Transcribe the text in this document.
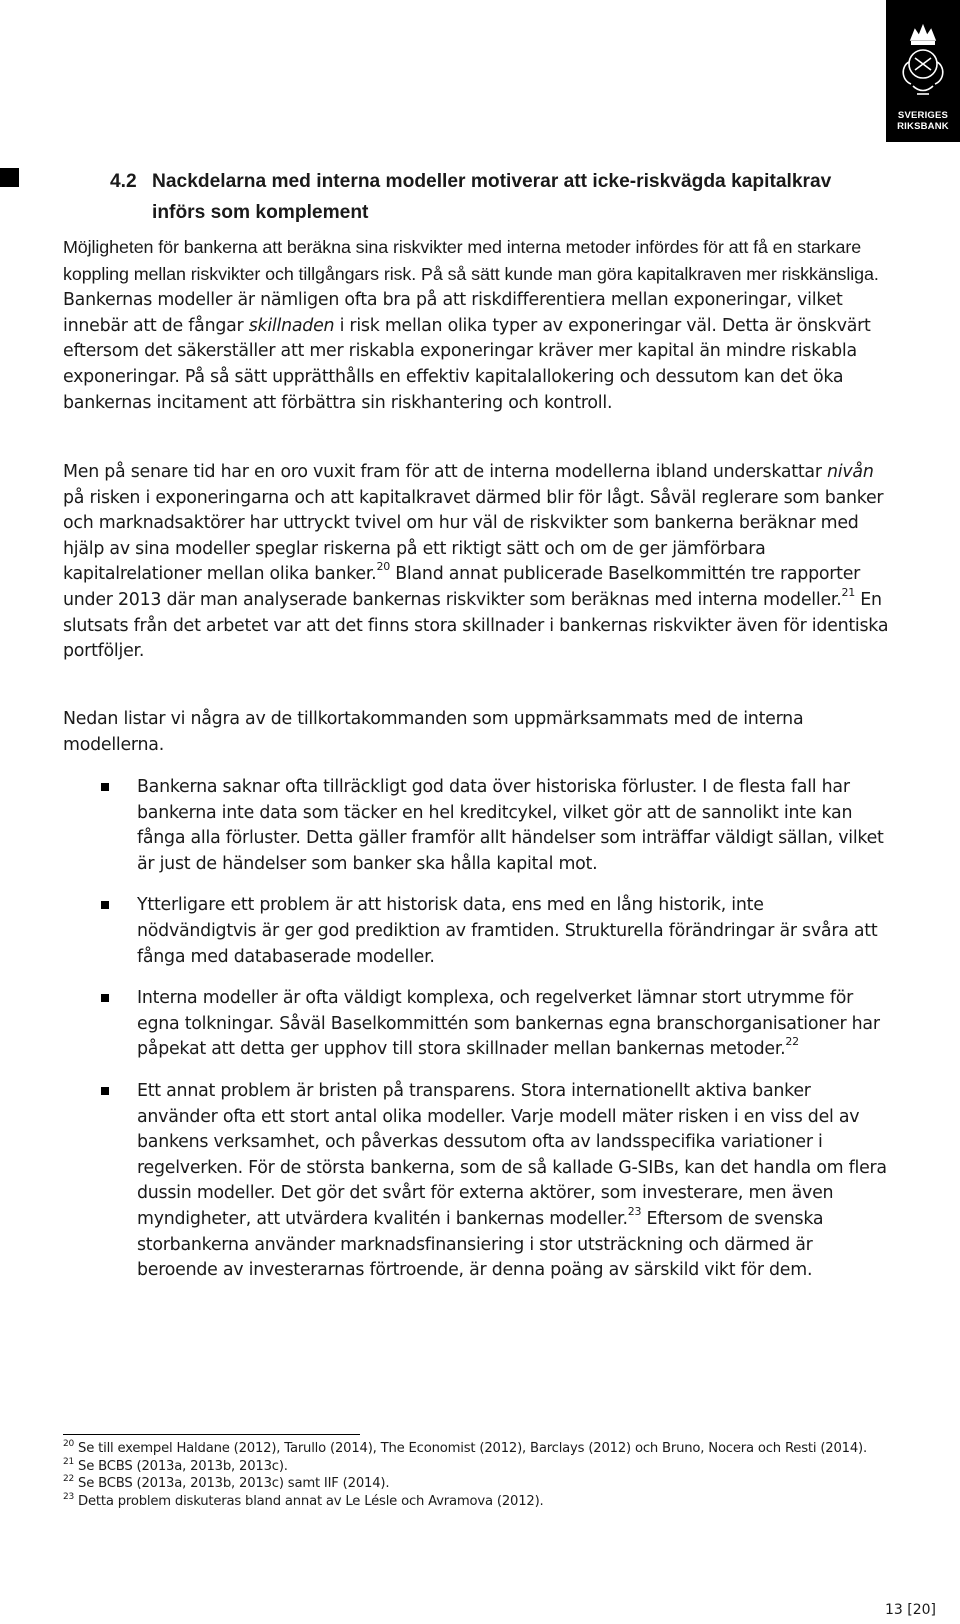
SVERIGES
RIKSBANK
4.2 Nackdelarna med interna modeller motiverar att icke-riskvägda kapitalkrav införs som komplement

Möjligheten för bankerna att beräkna sina riskvikter med interna metoder infördes för att få en starkare koppling mellan riskvikter och tillgångars risk. På så sätt kunde man göra kapitalkraven mer riskkänsliga. Bankernas modeller är nämligen ofta bra på att riskdifferentiera mellan exponeringar, vilket innebär att de fångar skillnaden i risk mellan olika typer av exponeringar väl. Detta är önskvärt eftersom det säkerställer att mer riskabla exponeringar kräver mer kapital än mindre riskabla exponeringar. På så sätt upprätthålls en effektiv kapitalallokering och dessutom kan det öka bankernas incitament att förbättra sin riskhantering och kontroll.

Men på senare tid har en oro vuxit fram för att de interna modellerna ibland underskattar nivån på risken i exponeringarna och att kapitalkravet därmed blir för lågt. Såväl reglerare som banker och marknadsaktörer har uttryckt tvivel om hur väl de riskvikter som bankerna beräknar med hjälp av sina modeller speglar riskerna på ett riktigt sätt och om de ger jämförbara kapitalrelationer mellan olika banker.$^{20}$ Bland annat publicerade Baselkommittén tre rapporter under 2013 där man analyserade bankernas riskvikter som beräknas med interna modeller.$^{21}$ En slutsats från det arbetet var att det finns stora skillnader i bankernas riskvikter även för identiska portföljer.

Nedan listar vi några av de tillkortakommanden som uppmärksammats med de interna modellerna.

Bankerna saknar ofta tillräckligt god data över historiska förluster. I de flesta fall har bankerna inte data som täcker en hel kreditcykel, vilket gör att de sannolikt inte kan fånga alla förluster. Detta gäller framför allt händelser som inträffar väldigt sällan, vilket är just de händelser som banker ska hålla kapital mot.
Ytterligare ett problem är att historisk data, ens med en lång historik, inte nödvändigtvis är ger god prediktion av framtiden. Strukturella förändringar är svåra att fånga med databaserade modeller.
Interna modeller är ofta väldigt komplexa, och regelverket lämnar stort utrymme för egna tolkningar. Såväl Baselkommittén som bankernas egna branschorganisationer har påpekat att detta ger upphov till stora skillnader mellan bankernas metoder.$^{22}$
Ett annat problem är bristen på transparens. Stora internationellt aktiva banker använder ofta ett stort antal olika modeller. Varje modell mäter risken i en viss del av bankens verksamhet, och påverkas dessutom ofta av landsspecifika variationer i regelverken. För de största bankerna, som de så kallade G-SIBs, kan det handla om flera dussin modeller. Det gör det svårt för externa aktörer, som investerare, men även myndigheter, att utvärdera kvalitén i bankernas modeller.$^{23}$ Eftersom de svenska storbankerna använder marknadsfinansiering i stor utsträckning och därmed är beroende av investerarnas förtroende, är denna poäng av särskild vikt för dem.

$^{20}$ Se till exempel Haldane (2012), Tarullo (2014), The Economist (2012), Barclays (2012) och Bruno, Nocera och Resti (2014).

$^{21}$ Se BCBS (2013a, 2013b, 2013c).

$^{22}$ Se BCBS (2013a, 2013b, 2013c) samt IIF (2014).

$^{23}$ Detta problem diskuteras bland annat av Le Lésle och Avramova (2012).

13 [20]
